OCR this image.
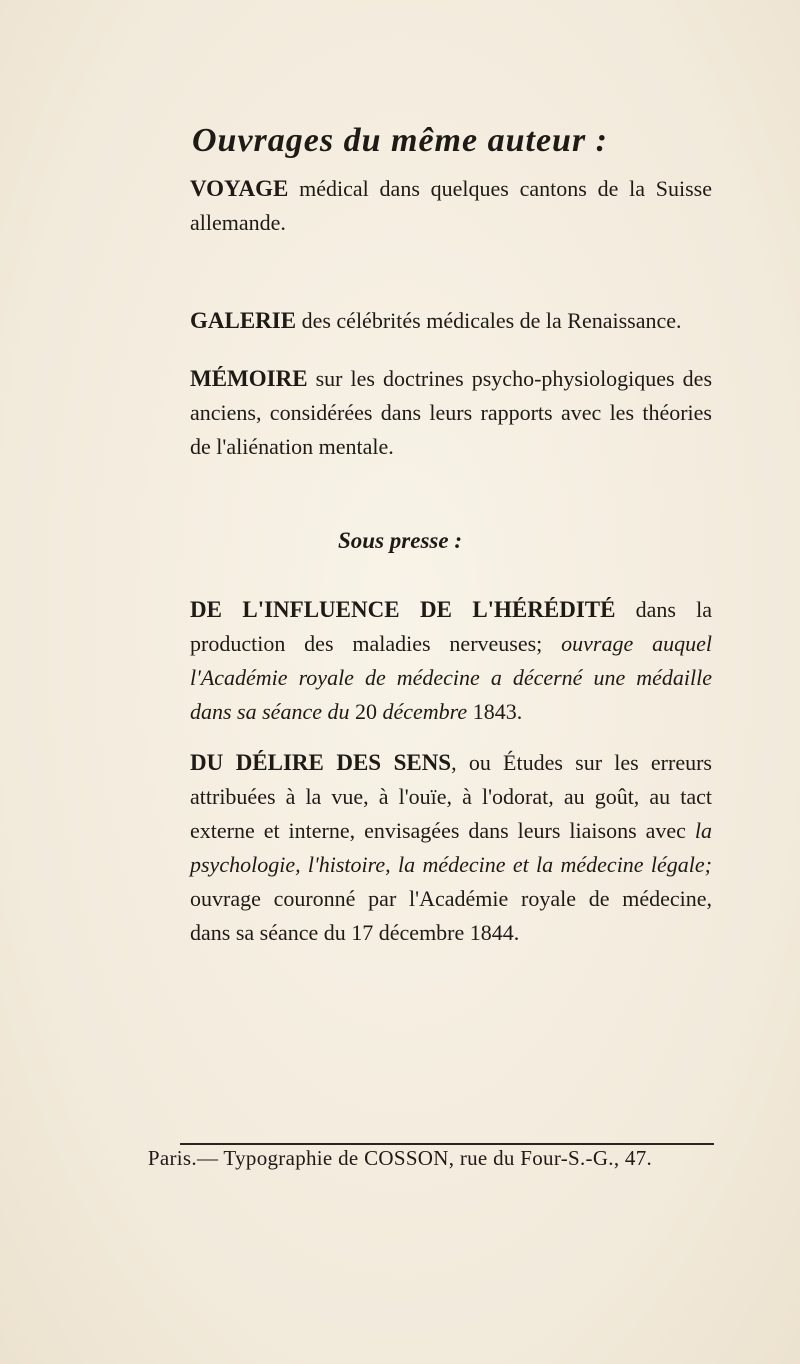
Ouvrages du même auteur :

VOYAGE médical dans quelques cantons de la Suisse allemande.

GALERIE des célébrités médicales de la Renaissance.

MÉMOIRE sur les doctrines psycho-physiologiques des anciens, considérées dans leurs rapports avec les théories de l'aliénation mentale.

Sous presse :

DE L'INFLUENCE DE L'HÉRÉDITÉ dans la production des maladies nerveuses; ouvrage auquel l'Académie royale de médecine a décerné une médaille dans sa séance du 20 décembre 1843.

DU DÉLIRE DES SENS, ou Études sur les erreurs attribuées à la vue, à l'ouïe, à l'odorat, au goût, au tact externe et interne, envisagées dans leurs liaisons avec la psychologie, l'histoire, la médecine et la médecine légale; ouvrage couronné par l'Académie royale de médecine, dans sa séance du 17 décembre 1844.

Paris.— Typographie de COSSON, rue du Four-S.-G., 47.
